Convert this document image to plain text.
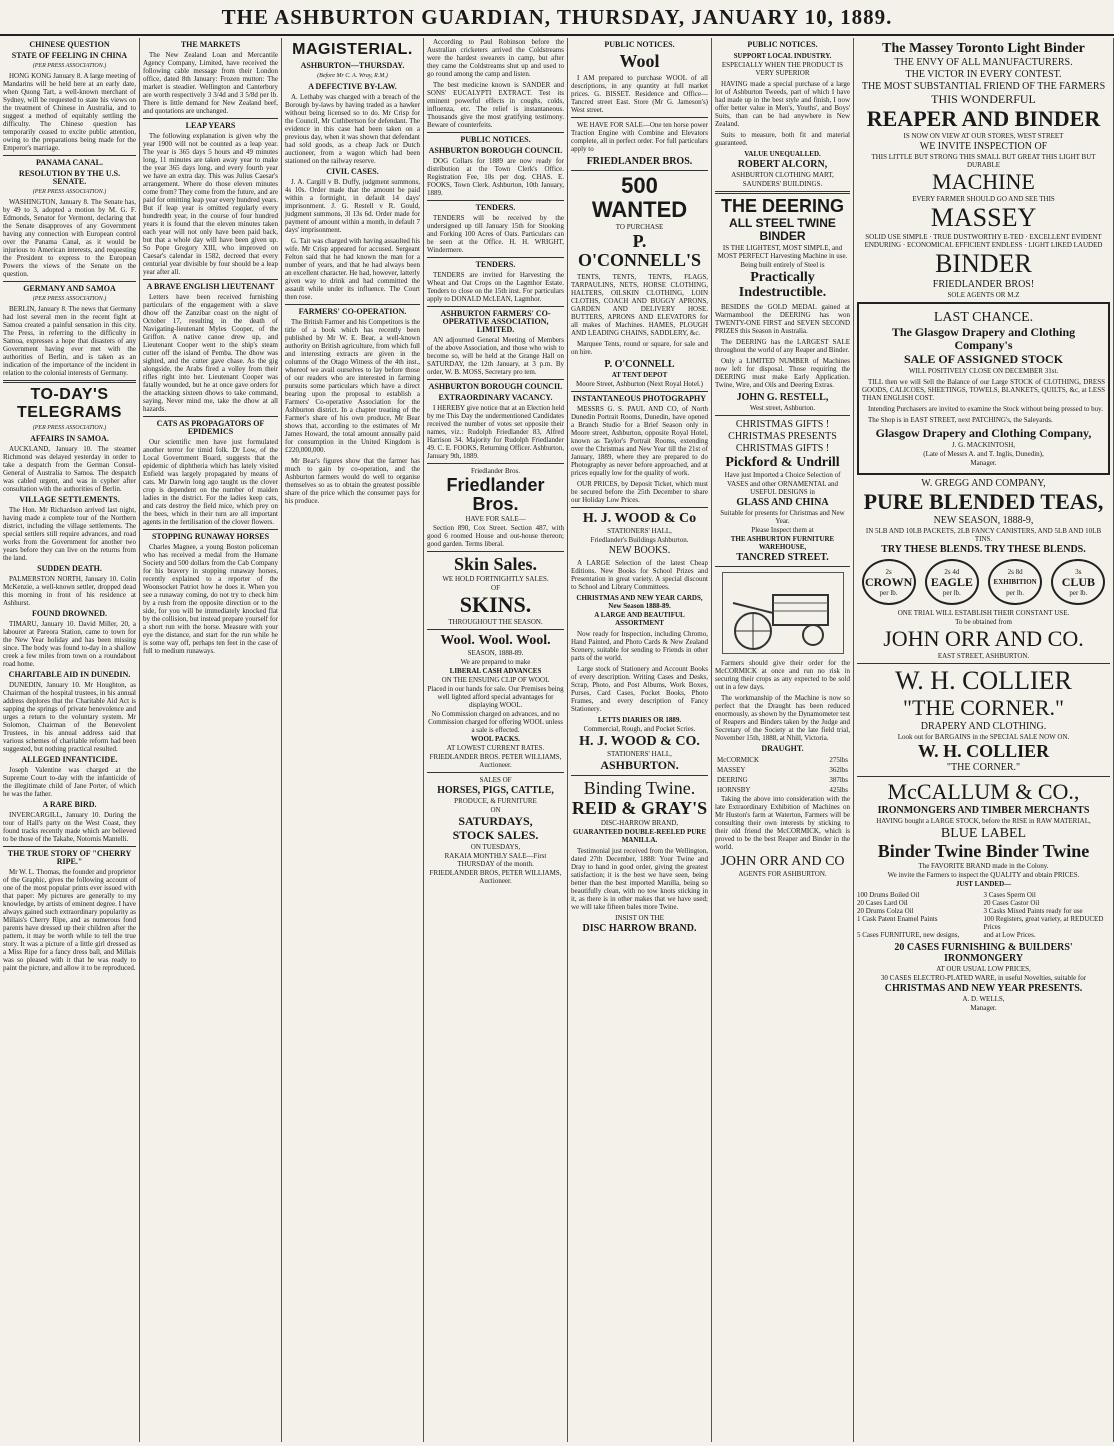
THE ASHBURTON GUARDIAN, THURSDAY, JANUARY 10, 1889.
CHINESE QUESTION
STATE OF FEELING IN CHINA
(PER PRESS ASSOCIATION.)

HONG KONG January 8. A large meeting of Mandarins will be held here at an early date, when Quong Tart, a well-known merchant of Sydney, will be requested to state his views on the treatment of Chinese in Australia, and to suggest a method of equitably settling the difficulty. The Chinese question has temporarily ceased to excite public attention, owing to the preparations being made for the Emperor's marriage.

PANAMA CANAL.
RESOLUTION BY THE U.S. SENATE.
(PER PRESS ASSOCIATION.)

WASHINGTON, January 8. The Senate has, by 49 to 3, adopted a motion by M. G. F. Edmonds, Senator for Vermont, declaring that the Senate disapproves of any Government having any connection with European control over the Panama Canal, as it would be injurious to American interests, and requesting the President to express to the European Powers the views of the Senate on the question.

GERMANY AND SAMOA
(PER PRESS ASSOCIATION.)

BERLIN, January 8. The news that Germany had lost several men in the recent fight at Samoa created a painful sensation in this city. The Press, in referring to the difficulty in Samoa, expresses a hope that disasters of any Government having ever met with the authorities of Berlin, and is taken as an indication of the importance of the incident in relation to the colonial interests of Germany.

TO-DAY'S TELEGRAMS
(PER PRESS ASSOCIATION.)
AFFAIRS IN SAMOA.

AUCKLAND, January 10. The steamer Richmond was delayed yesterday in order to take a despatch from the German Consul-General of Australia to Samoa. The despatch was cabled urgent, and was in cypher after consultation with the authorities of Berlin.

VILLAGE SETTLEMENTS.

The Hon. Mr Richardson arrived last night, having made a complete tour of the Northern district, including the village settlements. The special settlers still require advances, and road works from the Government for another two years before they can live on the returns from the land.

SUDDEN DEATH.

PALMERSTON NORTH, January 10. Colin McKenzie, a well-known settler, dropped dead this morning in front of his residence at Ashhurst.

FOUND DROWNED.

TIMARU, January 10. David Miller, 20, a labourer at Pareora Station, came to town for the New Year holiday and has been missing since. The body was found to-day in a shallow creek a few miles from town on a roundabout road home.

CHARITABLE AID IN DUNEDIN.

DUNEDIN, January 10. Mr Houghton, as Chairman of the hospital trustees, in his annual address deplores that the Charitable Aid Act is sapping the springs of private benevolence and urges a return to the voluntary system. Mr Solomon, Chairman of the Benevolent Trustees, in his annual address said that various schemes of charitable reform had been suggested, but nothing practical resulted.

ALLEGED INFANTICIDE.

Joseph Valentine was charged at the Supreme Court to-day with the infanticide of the illegitimate child of Jane Porter, of which he was the father.

A RARE BIRD.

INVERCARGILL, January 10. During the tour of Hall's party on the West Coast, they found tracks recently made which are believed to be those of the Takahe, Notornis Mantelli.

THE TRUE STORY OF "CHERRY RIPE."

Mr W. L. Thomas, the founder and proprietor of the Graphic, gives the following account of one of the most popular prints ever issued with that paper: My pictures are generally to my knowledge, by artists of eminent degree. I have always gained such extraordinary popularity as Millais's Cherry Ripe, and as numerous fond parents have dressed up their children after the pattern, it may be worth while to tell the true story. It was a picture of a little girl dressed as a Miss Ripe for a fancy dress ball, and Millais was so pleased with it that he was ready to paint the picture, and allow it to be reproduced.

THE MARKETS

The New Zealand Loan and Mercantile Agency Company, Limited, have received the following cable message from their London office, dated 8th January: Frozen mutton: The market is steadier. Wellington and Canterbury are worth respectively 3 3/4d and 3 5/8d per lb. There is little demand for New Zealand beef, and quotations are unchanged.

LEAP YEARS

The following explanation is given why the year 1900 will not be counted as a leap year. The year is 365 days 5 hours and 49 minutes long, 11 minutes are taken away year to make the year 365 days long, and every fourth year we have an extra day. This was Julius Caesar's arrangement. Where do those eleven minutes come from? They come from the future, and are paid for omitting leap year every hundred years. But if leap year is omitted regularly every hundredth year, in the course of four hundred years it is found that the eleven minutes taken each year will not only have been paid back, but that a whole day will have been given up. So Pope Gregory XIII, who improved on Caesar's calendar in 1582, decreed that every centurial year divisible by four should be a leap year after all.

A BRAVE ENGLISH LIEUTENANT

Letters have been received furnishing particulars of the engagement with a slave dhow off the Zanzibar coast on the night of October 17, resulting in the death of Navigating-lieutenant Myles Cooper, of the Griffon. A native canoe drew up, and Lieutenant Cooper went to the ship's steam cutter off the island of Pemba. The dhow was sighted, and the cutter gave chase. As the gig alongside, the Arabs fired a volley from their rifles right into her. Lieutenant Cooper was fatally wounded, but he at once gave orders for the attacking sixteen dhows to take command, saying, Never mind me, take the dhow at all hazards.

CATS AS PROPAGATORS OF EPIDEMICS

Our scientific men have just formulated another terror for timid folk. Dr Low, of the Local Government Board, suggests that the epidemic of diphtheria which has lately visited Enfield was largely propagated by means of cats. Mr Darwin long ago taught us the clover crop is dependent on the number of maiden ladies in the district. For the ladies keep cats, and cats destroy the field mice, which prey on the bees, which in their turn are all important agents in the fertilisation of the clover flowers.

STOPPING RUNAWAY HORSES

Charles Magnee, a young Boston policeman who has received a medal from the Humane Society and 500 dollars from the Cab Company for his bravery in stopping runaway horses, recently explained to a reporter of the Woonsocket Patriot how he does it. When you see a runaway coming, do not try to check him by a rush from the opposite direction or to the side, for you will be immediately knocked flat by the collision, but instead prepare yourself for a short run with the horse. Measure with your eye the distance, and start for the run while he is some way off, perhaps ten feet in the case of full to medium runaways.

MAGISTERIAL.
ASHBURTON—THURSDAY.
(Before Mr C. A. Wray, R.M.)
A DEFECTIVE BY-LAW.

A. Lethaby was charged with a breach of the Borough by-laws by having traded as a hawker without being licensed so to do. Mr Crisp for the Council, Mr Cuthbertson for defendant. The evidence in this case had been taken on a previous day, when it was shown that defendant had sold goods, as a cheap Jack or Dutch auctioneer, from a wagon which had been stationed on the railway reserve.

CIVIL CASES.

J. A. Cargill v B. Duffy, judgment summons, 4s 10s. Order made that the amount be paid within a fortnight, in default 14 days' imprisonment. J. G. Restell v R. Gould, judgment summons, 3l 13s 6d. Order made for payment of amount within a month, in default 7 days' imprisonment.

G. Tait was charged with having assaulted his wife. Mr Crisp appeared for accused. Sergeant Felton said that he had known the man for a number of years, and that he had always been an excellent character. He had, however, latterly given way to drink and had committed the assault while under its influence. The Court then rose.

FARMERS' CO-OPERATION.

The British Farmer and his Competitors is the title of a book which has recently been published by Mr W. E. Bear, a well-known authority on British agriculture, from which full and interesting extracts are given in the columns of the Otago Witness of the 4th inst., whereof we avail ourselves to lay before those of our readers who are interested in farming pursuits some particulars which have a direct bearing upon the proposal to establish a Farmers' Co-operative Association for the Ashburton district. In a chapter treating of the Farmer's share of his own produce, Mr Bear shows that, according to the estimates of Mr James Howard, the total amount annually paid for consumption in the United Kingdom is £220,000,000.

Mr Bear's figures show that the farmer has much to gain by co-operation, and the Ashburton farmers would do well to organise themselves so as to obtain the greatest possible share of the price which the consumer pays for his produce.

According to Paul Robinson before the Australian cricketers arrived the Coldstreams were the hardest swearers in camp, but after they came the Coldstreams shut up and used to go round among the camp and listen.

The best medicine known is SANDER and SONS' EUCALYPTI EXTRACT. Test its eminent powerful effects in coughs, colds, influenza, etc. The relief is instantaneous. Thousands give the most gratifying testimony. Beware of counterfeits.

PUBLIC NOTICES.
ASHBURTON BOROUGH COUNCIL

DOG Collars for 1889 are now ready for distribution at the Town Clerk's Office. Registration Fee, 10s per dog. CHAS. E. FOOKS, Town Clerk. Ashburton, 10th January, 1889.

TENDERS.

TENDERS will be received by the undersigned up till January 15th for Stooking and Forking 100 Acres of Oats. Particulars can be seen at the Office. H. H. WRIGHT, Windermere.

TENDERS.

TENDERS are invited for Harvesting the Wheat and Oat Crops on the Lagmhor Estate. Tenders to close on the 15th inst. For particulars apply to DONALD McLEAN, Lagmhor.

ASHBURTON FARMERS' CO-OPERATIVE ASSOCIATION, LIMITED.

AN adjourned General Meeting of Members of the above Association, and those who wish to become so, will be held at the Grange Hall on SATURDAY, the 12th January, at 3 p.m. By order, W. B. MOSS, Secretary pro tem.

ASHBURTON BOROUGH COUNCIL
EXTRAORDINARY VACANCY.

I HEREBY give notice that at an Election held by me This Day the undermentioned Candidates received the number of votes set opposite their names, viz.: Rudolph Friedlander 83, Alfred Harrison 34. Majority for Rudolph Friedlander 49. C. E. FOOKS, Returning Officer. Ashburton, January 9th, 1889.

Friedlander Bros.
Friedlander Bros.
HAVE FOR SALE—

Section 890, Cox Street. Section 487, with good 6 roomed House and out-house thereon; good garden. Terms liberal.

Skin Sales.
WE HOLD FORTNIGHTLY SALES.
OF
SKINS.
THROUGHOUT THE SEASON.
Wool. Wool. Wool.
SEASON, 1888-89.
We are prepared to make
LIBERAL CASH ADVANCES
ON THE ENSUING CLIP OF WOOL
Placed in our hands for sale. Our Premises being well lighted afford special advantages for displaying WOOL.
No Commission charged on advances, and no Commission charged for offering WOOL unless a sale is effected.
WOOL PACKS.
AT LOWEST CURRENT RATES.
FRIEDLANDER BROS. PETER WILLIAMS, Auctioneer.
SALES OF
HORSES, PIGS, CATTLE,
PRODUCE, & FURNITURE
ON
SATURDAYS,
STOCK SALES.
ON TUESDAYS,
RAKAIA MONTHLY SALE—First THURSDAY of the month.
FRIEDLANDER BROS, PETER WILLIAMS, Auctioneer.
PUBLIC NOTICES.
Wool

I AM prepared to purchase WOOL of all descriptions, in any quantity at full market prices. G. BISSET. Residence and Office—Tancred street East. Store (Mr G. Jameson's) West street.

WE HAVE FOR SALE—One ten horse power Traction Engine with Combine and Elevators complete, all in perfect order. For full particulars apply to

FRIEDLANDER BROS.
500 WANTED
TO PURCHASE
P. O'CONNELL'S

TENTS, TENTS, TENTS, FLAGS, TARPAULINS, NETS, HORSE CLOTHING, HALTERS, OILSKIN CLOTHING, LOIN CLOTHS, COACH AND BUGGY APRONS, GARDEN AND DELIVERY HOSE. BUTTERS, APRONS AND ELEVATORS for all makes of Machines. HAMES, PLOUGH AND LEADING CHAINS, SADDLERY, &c.

Marquee Tents, round or square, for sale and on hire.

P. O'CONNELL
AT TENT DEPOT
Moore Street, Ashburton (Next Royal Hotel.)
INSTANTANEOUS PHOTOGRAPHY

MESSRS G. S. PAUL AND CO, of North Dunedin Portrait Rooms, Dunedin, have opened a Branch Studio for a Brief Season only in Moore street, Ashburton, opposite Royal Hotel, known as Taylor's Portrait Rooms, extending over the Christmas and New Year till the 21st of January, 1889, where they are prepared to do Photography as never before approached, and at prices equally low for the quality of work.

OUR PRICES, by Deposit Ticket, which must be secured before the 25th December to share our Holiday Low Prices.

H. J. WOOD & Co
STATIONERS' HALL,
Friedlander's Buildings Ashburton.
NEW BOOKS.

A LARGE Selection of the latest Cheap Editions. New Books for School Prizes and Presentation in great variety. A special discount to School and Library Committees.

CHRISTMAS AND NEW YEAR CARDS, New Season 1888-89.
A LARGE AND BEAUTIFUL ASSORTMENT

Now ready for Inspection, including Chromo, Hand Painted, and Photo Cards & New Zealand Scenery, suitable for sending to Friends in other parts of the world.

Large stock of Stationery and Account Books of every description. Writing Cases and Desks, Scrap, Photo, and Post Albums, Work Boxes, Purses, Card Cases, Pocket Books, Photo Frames, and every description of Fancy Stationery.

LETTS DIARIES OR 1889.
Commercial, Rough, and Pocket Scries.
H. J. WOOD & CO.
STATIONERS' HALL,
ASHBURTON.
Binding Twine.
REID & GRAY'S
DISC-HARROW BRAND,
GUARANTEED DOUBLE-REELED PURE MANILLA.

Testimonial just received from the Wellington, dated 27th December, 1888: Your Twine and Dray to hand in good order, giving the greatest satisfaction; it is the best we have seen, being better than the best imported Manilla, being so beautifully clean, with no tow knots sticking in it, as there is in other makes that we have used; we will take fifteen bales more Twine.

INSIST ON THE
DISC HARROW BRAND.
PUBLIC NOTICES.
SUPPORT LOCAL INDUSTRY.
ESPECIALLY WHEN THE PRODUCT IS VERY SUPERIOR

HAVING made a special purchase of a large lot of Ashburton Tweeds, part of which I have had made up in the best style and finish, I now offer better value in Men's, Youths', and Boys' Suits, than can be had anywhere in New Zealand.

Suits to measure, both fit and material guaranteed.

VALUE UNEQUALLED.
ROBERT ALCORN,
ASHBURTON CLOTHING MART,
SAUNDERS' BUILDINGS.
THE DEERING
ALL STEEL TWINE BINDER
IS THE LIGHTEST, MOST SIMPLE, and MOST PERFECT Harvesting Machine in use.
Being built entirely of Steel is
Practically Indestructible.

BESIDES the GOLD MEDAL gained at Warrnambool the DEERING has won TWENTY-ONE FIRST and SEVEN SECOND PRIZES this Season in Australia.

The DEERING has the LARGEST SALE throughout the world of any Reaper and Binder.

Only a LIMITED NUMBER of Machines now left for disposal. Those requiring the DEERING must make Early Application. Twine, Wire, and Oils and Deering Extras.

JOHN G. RESTELL,
West street, Ashburton.
CHRISTMAS GIFTS !
CHRISTMAS PRESENTS
CHRISTMAS GIFTS !
Pickford & Undrill
Have just Imported a Choice Selection of
VASES and other ORNAMENTAL and USEFUL DESIGNS in
GLASS AND CHINA
Suitable for presents for Christmas and New Year.
Please Inspect them at
THE ASHBURTON FURNITURE WAREHOUSE,
TANCRED STREET.

Farmers should give their order for the McCORMICK at once and run no risk in securing their crops as any expected to be sold out in a few days.

The workmanship of the Machine is now so perfect that the Draught has been reduced enormously, as shown by the Dynamometer test of Reapers and Binders taken by the Judge and Secretary of the Society at the late field trial, November 15th, 1888, at Nhill, Victoria.

DRAUGHT.
McCORMICK	275lbs
MASSEY	362lbs
DEERING	387lbs
HORNSBY	425lbs

Taking the above into consideration with the late Extraordinary Exhibition of Machines on Mr Huston's farm at Waterton, Farmers will be consulting their own interests by sticking to their old friend the McCORMICK, which is proved to be the best Reaper and Binder in the world.

JOHN ORR AND CO
AGENTS FOR ASHBURTON.
The Massey Toronto Light Binder
THE ENVY OF ALL MANUFACTURERS.
THE VICTOR IN EVERY CONTEST.
THE MOST SUBSTANTIAL FRIEND OF THE FARMERS
THIS WONDERFUL
REAPER AND BINDER
IS NOW ON VIEW AT OUR STORES, WEST STREET
WE INVITE INSPECTION OF
THIS LITTLE BUT STRONG THIS SMALL BUT GREAT THIS LIGHT BUT DURABLE
MACHINE
EVERY FARMER SHOULD GO AND SEE THIS
MASSEY
SOLID USE SIMPLE · TRUE DUSTWORTHY E-TED · EXCELLENT EVIDENT ENDURING · ECONOMICAL EFFICIENT ENDLESS · LIGHT LIKED LAUDED
BINDER
FRIEDLANDER BROS!
SOLE AGENTS OR M.Z
LAST CHANCE.
The Glasgow Drapery and Clothing Company's
SALE OF ASSIGNED STOCK
WILL POSITIVELY CLOSE ON DECEMBER 31st.

TILL then we will Sell the Balance of our Large STOCK of CLOTHING, DRESS GOODS, CALICOES, SHEETINGS, TOWELS, BLANKETS, QUILTS, &c, at LESS THAN ENGLISH COST.

Intending Purchasers are invited to examine the Stock without being pressed to buy.

The Shop is in EAST STREET, next PATCHING's, the Saleyards.

Glasgow Drapery and Clothing Company,
J. G. MACKINTOSH,
(Late of Messrs A. and T. Inglis, Dunedin),
Manager.
W. GREGG AND COMPANY,
PURE BLENDED TEAS,
NEW SEASON, 1888-9,
IN 5LB AND 10LB PACKETS, 2LB FANCY CANISTERS, AND 5LB AND 10LB TINS.
TRY THESE BLENDS. TRY THESE BLENDS.
2s
CROWN
per lb.
2s 4d
EAGLE
per lb.
2s 8d
EXHIBITION
per lb.
3s
CLUB
per lb.
ONE TRIAL WILL ESTABLISH THEIR CONSTANT USE.
To be obtained from
JOHN ORR AND CO.
EAST STREET, ASHBURTON.
W. H. COLLIER
"THE CORNER."
DRAPERY AND CLOTHING.
Look out for BARGAINS in the SPECIAL SALE NOW ON.
W. H. COLLIER
"THE CORNER."
McCALLUM & CO.,
IRONMONGERS AND TIMBER MERCHANTS
HAVING bought a LARGE STOCK, before the RISE in RAW MATERIAL,
BLUE LABEL
Binder Twine Binder Twine
The FAVORITE BRAND made in the Colony.
We invite the Farmers to inspect the QUALITY and obtain PRICES.
JUST LANDED—
100 Drums Boiled Oil	3 Cases Sperm Oil
20 Cases Lard Oil	20 Cases Castor Oil
20 Drums Colza Oil	3 Casks Mixed Paints ready for use
1 Cask Patent Enamel Paints	100 Registers, great variety, at REDUCED Prices
5 Cases FURNITURE, new designs,	and at Low Prices.
20 CASES FURNISHING & BUILDERS' IRONMONGERY
AT OUR USUAL LOW PRICES,
30 CASES ELECTRO-PLATED WARE, in useful Novelties, suitable for
CHRISTMAS AND NEW YEAR PRESENTS.
A. D. WELLS,
Manager.
